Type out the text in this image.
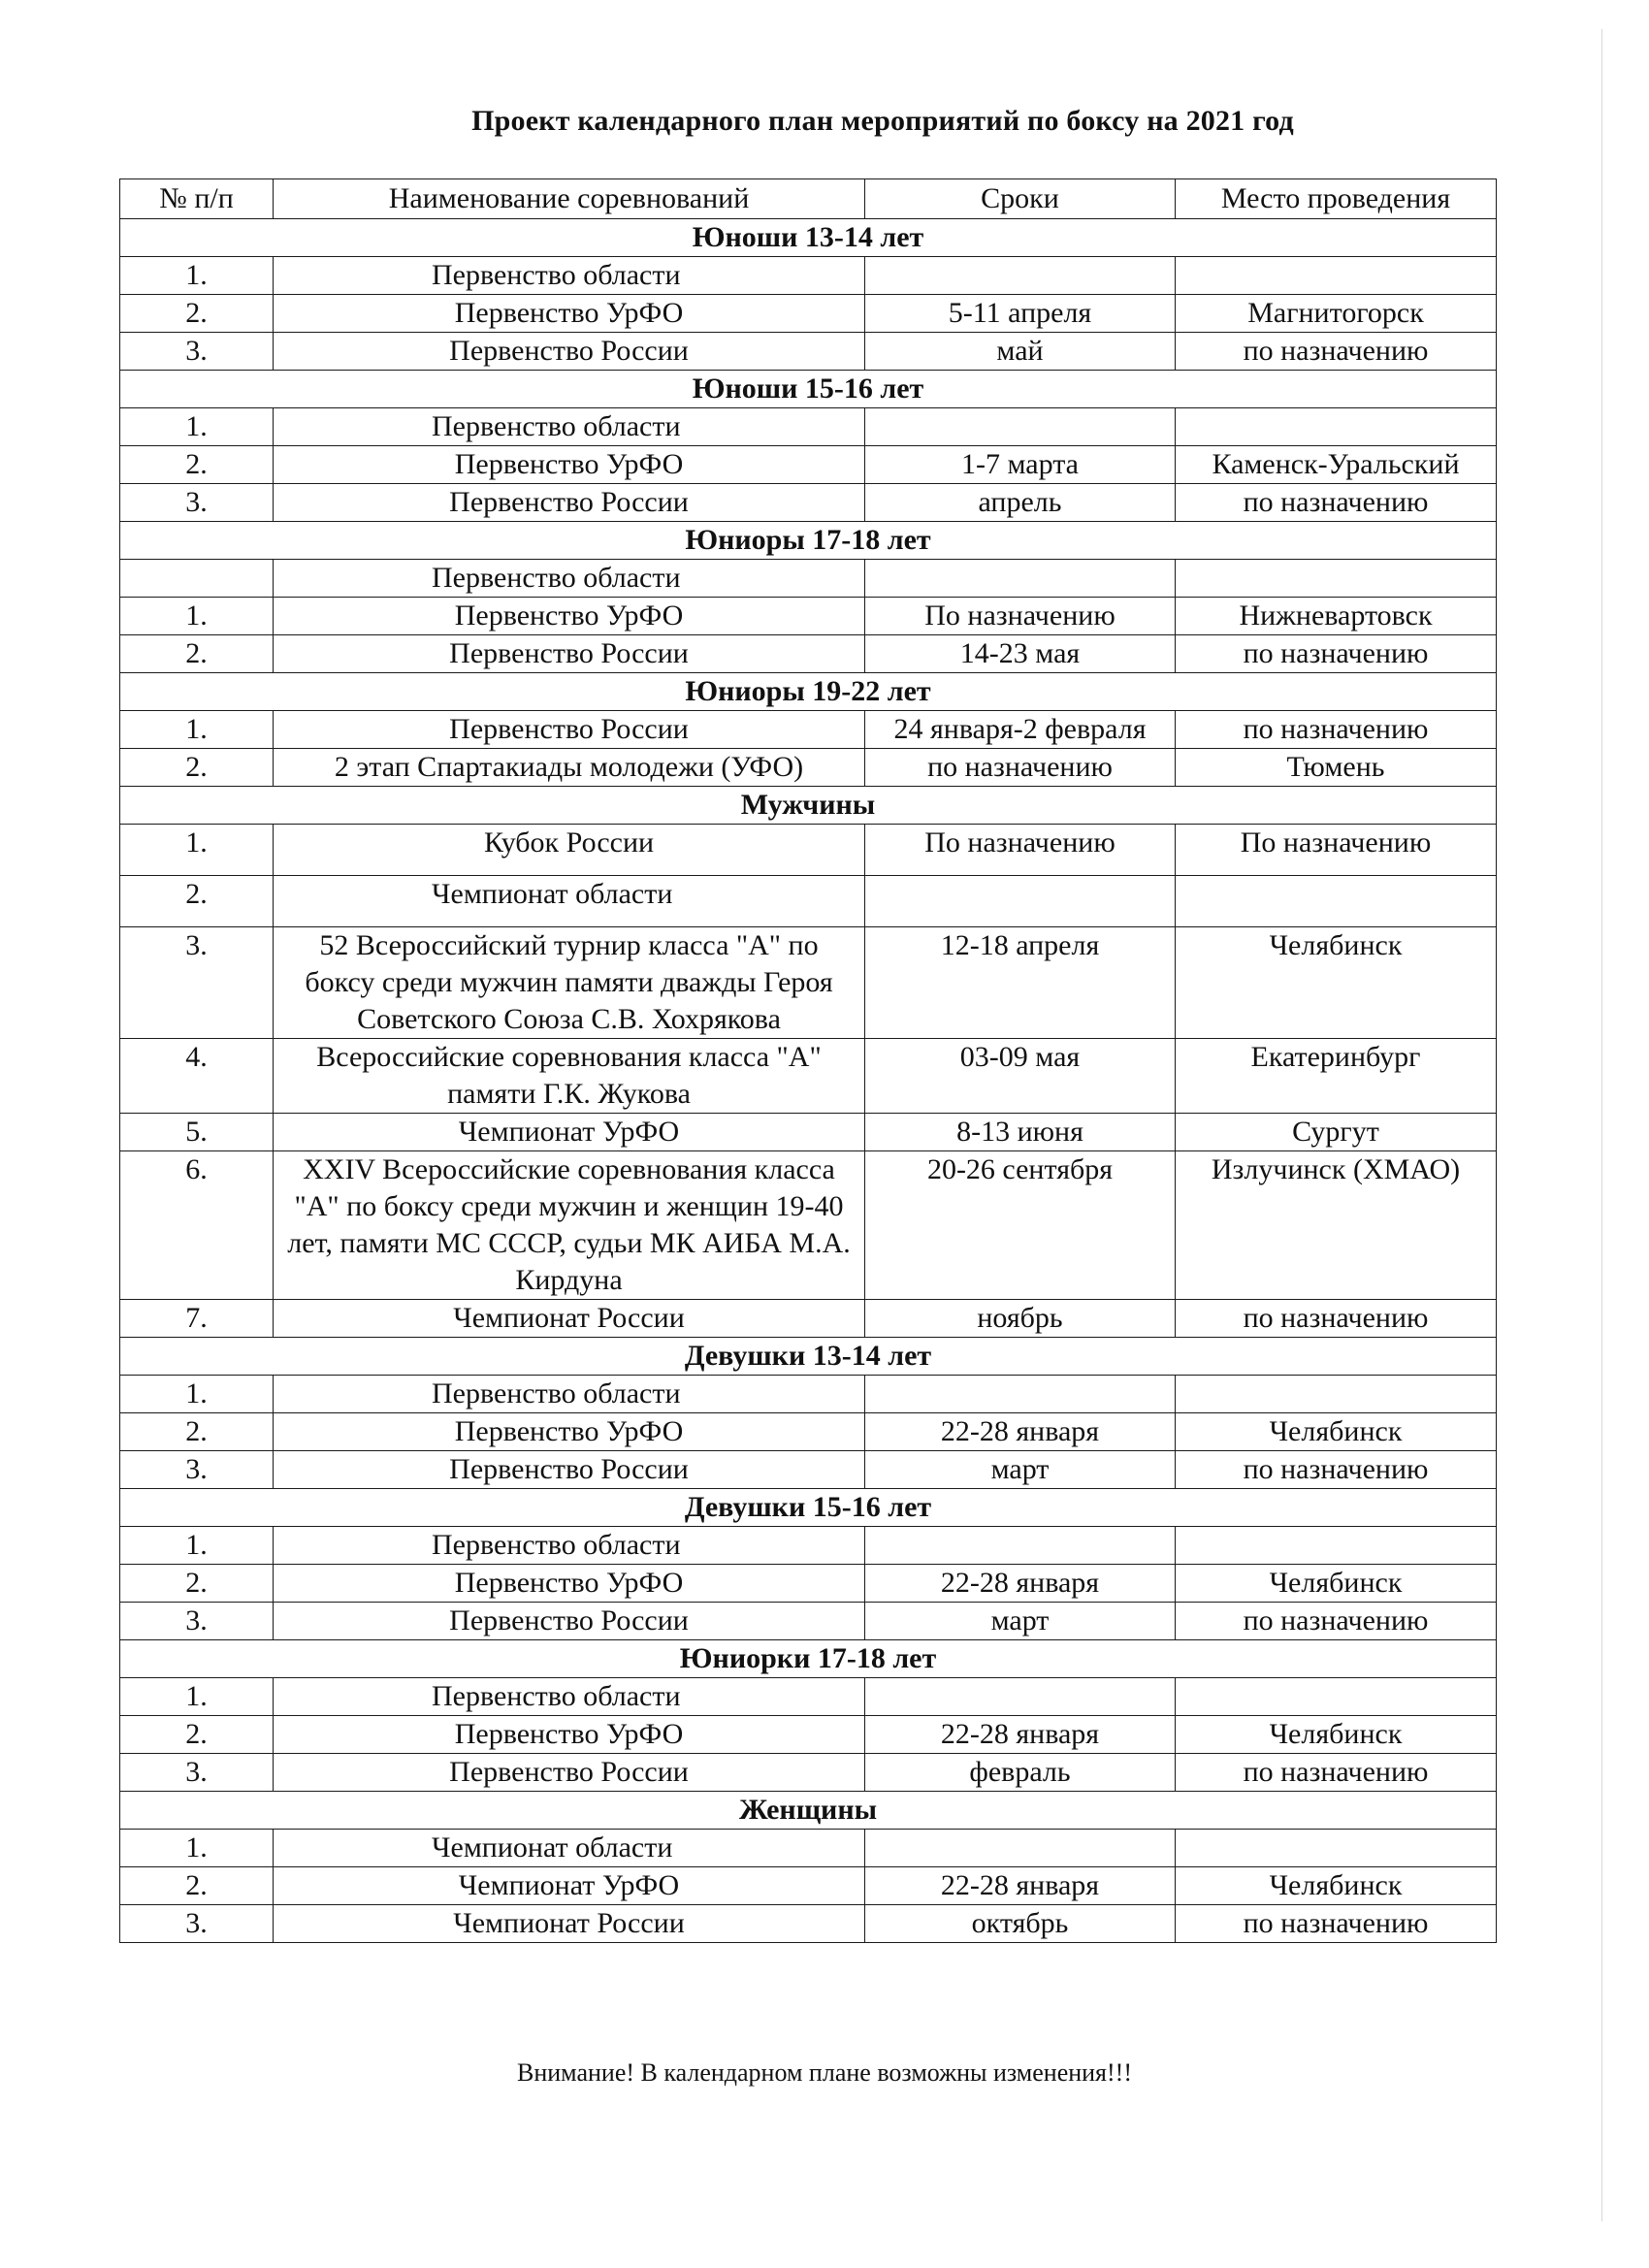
Проект календарного план мероприятий по боксу на 2021 год
№ п/п	Наименование соревнований	Сроки	Место проведения
Юноши 13-14 лет			
1.	Первенство области		
2.	Первенство УрФО	5-11 апреля	Магнитогорск
3.	Первенство России	май	по назначению
Юноши 15-16 лет			
1.	Первенство области		
2.	Первенство УрФО	1-7 марта	Каменск-Уральский
3.	Первенство России	апрель	по назначению
Юниоры 17-18 лет			
	Первенство области		
1.	Первенство УрФО	По назначению	Нижневартовск
2.	Первенство России	14-23 мая	по назначению
Юниоры 19-22 лет			
1.	Первенство России	24 января-2 февраля	по назначению
2.	2 этап Спартакиады молодежи (УФО)	по назначению	Тюмень
Мужчины			
1.	Кубок России	По назначению	По назначению
2.	Чемпионат области		
3.	52 Всероссийский турнир класса "А" по боксу среди мужчин памяти дважды Героя Советского Союза С.В. Хохрякова	12-18 апреля	Челябинск
4.	Всероссийские соревнования класса "А" памяти Г.К. Жукова	03-09 мая	Екатеринбург
5.	Чемпионат УрФО	8-13 июня	Сургут
6.	XXIV Всероссийские соревнования класса "А" по боксу среди мужчин и женщин 19-40 лет, памяти МС СССР, судьи МК АИБА М.А. Кирдуна	20-26 сентября	Излучинск (ХМАО)
7.	Чемпионат России	ноябрь	по назначению
Девушки 13-14 лет			
1.	Первенство области		
2.	Первенство УрФО	22-28 января	Челябинск
3.	Первенство России	март	по назначению
Девушки 15-16 лет			
1.	Первенство области		
2.	Первенство УрФО	22-28 января	Челябинск
3.	Первенство России	март	по назначению
Юниорки 17-18 лет			
1.	Первенство области		
2.	Первенство УрФО	22-28 января	Челябинск
3.	Первенство России	февраль	по назначению
Женщины			
1.	Чемпионат области		
2.	Чемпионат УрФО	22-28 января	Челябинск
3.	Чемпионат России	октябрь	по назначению
Внимание! В календарном плане возможны изменения!!!
